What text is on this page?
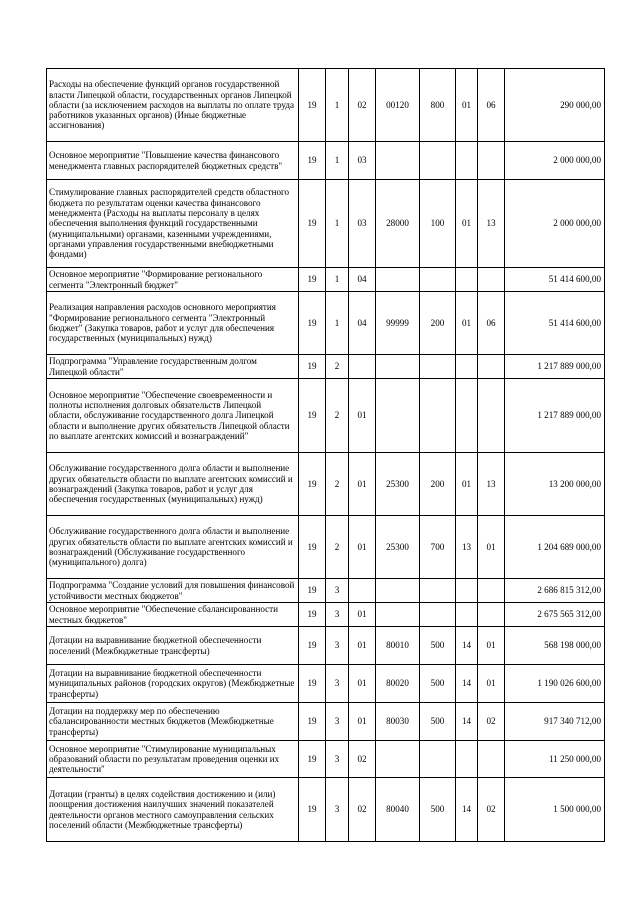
Расходы на обеспечение функций органов государственной власти Липецкой области, государственных органов Липецкой области (за исключением расходов на выплаты по оплате труда работников указанных органов) (Иные бюджетные ассигнования)	19	1	02	00120	800	01	06	290 000,00
Основное мероприятие "Повышение качества финансового менеджмента главных распорядителей бюджетных средств"	19	1	03					2 000 000,00
Стимулирование главных распорядителей средств областного бюджета по результатам оценки качества финансового менеджмента (Расходы на выплаты персоналу в целях обеспечения выполнения функций государственными (муниципальными) органами, казенными учреждениями, органами управления государственными внебюджетными фондами)	19	1	03	28000	100	01	13	2 000 000,00
Основное мероприятие "Формирование регионального сегмента "Электронный бюджет"	19	1	04					51 414 600,00
Реализация направления расходов основного мероприятия "Формирование регионального сегмента "Электронный бюджет" (Закупка товаров, работ и услуг для обеспечения государственных (муниципальных) нужд)	19	1	04	99999	200	01	06	51 414 600,00
Подпрограмма "Управление государственным долгом Липецкой области"	19	2						1 217 889 000,00
Основное мероприятие "Обеспечение своевременности и полноты исполнения долговых обязательств Липецкой области, обслуживание государственного долга Липецкой области и выполнение других обязательств Липецкой области по выплате агентских комиссий и вознаграждений"	19	2	01					1 217 889 000,00
Обслуживание государственного долга области и выполнение других обязательств области по выплате агентских комиссий и вознаграждений (Закупка товаров, работ и услуг для обеспечения государственных (муниципальных) нужд)	19	2	01	25300	200	01	13	13 200 000,00
Обслуживание государственного долга области и выполнение других обязательств области по выплате агентских комиссий и вознаграждений (Обслуживание государственного (муниципального) долга)	19	2	01	25300	700	13	01	1 204 689 000,00
Подпрограмма "Создание условий для повышения финансовой устойчивости местных бюджетов"	19	3						2 686 815 312,00
Основное мероприятие "Обеспечение сбалансированности местных бюджетов"	19	3	01					2 675 565 312,00
Дотации на выравнивание бюджетной обеспеченности поселений (Межбюджетные трансферты)	19	3	01	80010	500	14	01	568 198 000,00
Дотации на выравнивание бюджетной обеспеченности муниципальных районов (городских округов) (Межбюджетные трансферты)	19	3	01	80020	500	14	01	1 190 026 600,00
Дотации на поддержку мер по обеспечению сбалансированности местных бюджетов (Межбюджетные трансферты)	19	3	01	80030	500	14	02	917 340 712,00
Основное мероприятие "Стимулирование муниципальных образований области по результатам проведения оценки их деятельности"	19	3	02					11 250 000,00
Дотации (гранты) в целях содействия достижению и (или) поощрения достижения наилучших значений показателей деятельности органов местного самоуправления сельских поселений области (Межбюджетные трансферты)	19	3	02	80040	500	14	02	1 500 000,00
